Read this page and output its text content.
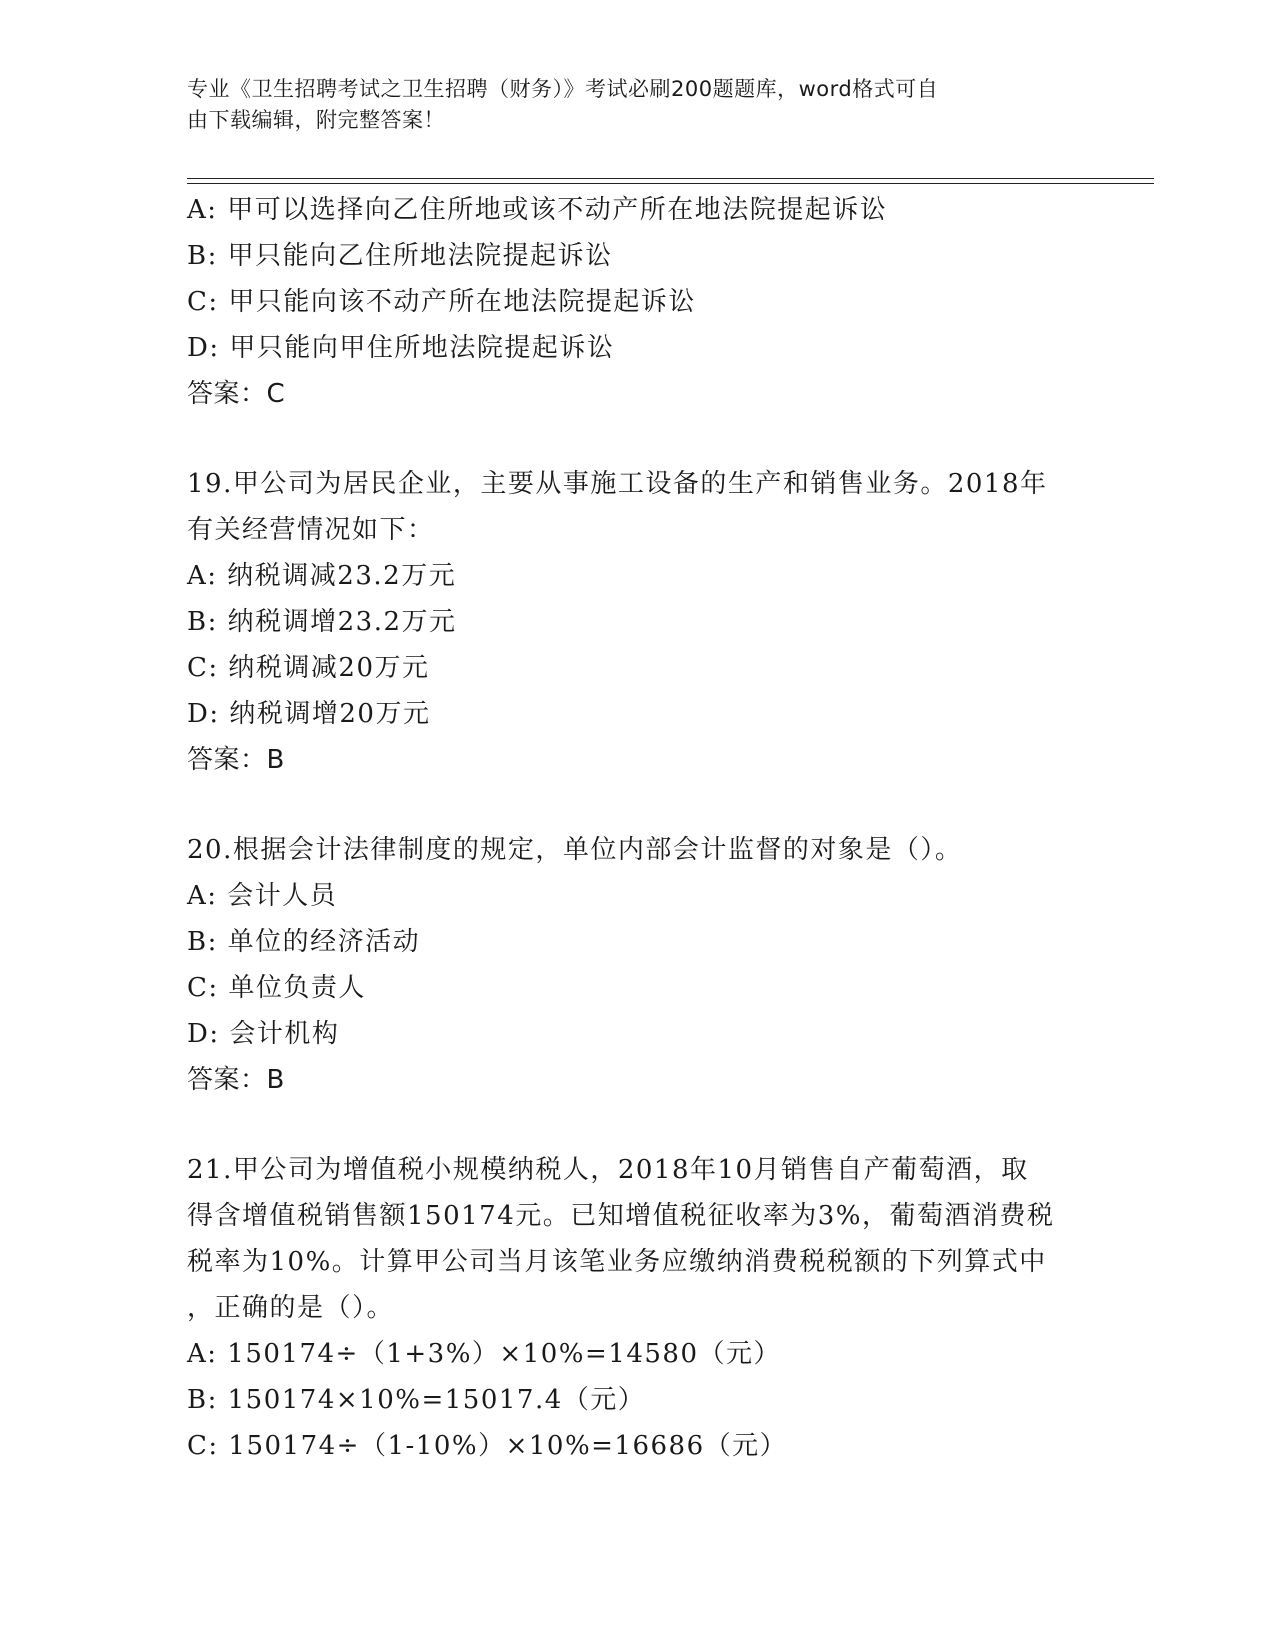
专业《卫生招聘考试之卫生招聘（财务）》考试必刷200题题库，word格式可自
由下载编辑，附完整答案！
A: 甲可以选择向乙住所地或该不动产所在地法院提起诉讼
B: 甲只能向乙住所地法院提起诉讼
C: 甲只能向该不动产所在地法院提起诉讼
D: 甲只能向甲住所地法院提起诉讼
答案：C
19.甲公司为居民企业，主要从事施工设备的生产和销售业务。2018年
有关经营情况如下：
A: 纳税调减23.2万元
B: 纳税调增23.2万元
C: 纳税调减20万元
D: 纳税调增20万元
答案：B
20.根据会计法律制度的规定，单位内部会计监督的对象是（）。
A: 会计人员
B: 单位的经济活动
C: 单位负责人
D: 会计机构
答案：B
21.甲公司为增值税小规模纳税人，2018年10月销售自产葡萄酒，取
得含增值税销售额150174元。已知增值税征收率为3%，葡萄酒消费税
税率为10%。计算甲公司当月该笔业务应缴纳消费税税额的下列算式中
，正确的是（）。
A: 150174÷（1+3%）×10%=14580（元）
B: 150174×10%=15017.4（元）
C: 150174÷（1-10%）×10%=16686（元）
